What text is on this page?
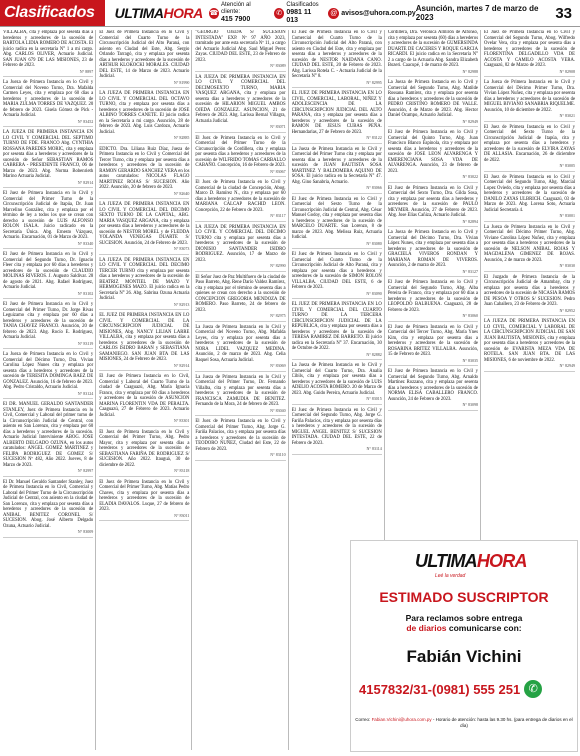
Clasificados	ULTIMAHORA ☎
Atención al cliente:
415 7900
✆
Clasificados
0981 11 013
@ avisos@uhora.com.py Asunción, martes 7 de marzo de 2023	33
VILLALBA, cita y emplaza por sesenta días a herederos y acreedores de la sucesión de BARTOLA LIDIA ROMERO DE ACOSTA. El juicio radica en la secretaría N° 1 a mi cargo. Abg. CARLOS OLIVER, Actuario Judicial. SAN JUAN 679 DE LAS MISIONES, 23 de Febrero de 2023.
N° 8897
La Jueza de Primera Instancia en lo Civil y Comercial del Noveno Turno, Dra. Mafalda Carmen Leyes, cita y emplaza por 60 días a herederos y acreedores de la sucesión de MARIA ZULMA TORRES DE VAZQUEZ. 20 de febrero de 2023. Gisela Gómez de Pick - Actuaria Judicial.
N° 83452
LA JUEZA DE PRIMERA INSTANCIA EN LO CIVIL Y COMERCIAL DEL SEPTIMO TURNO DE FDE. FRANCO Abg. CYNTHIA ROSSANA PAREDES MORIC, cita y emplaza por sesenta días a herederos y acreedores de la sucesión de Señor SEBASTIAN RAMOS CABRERA - PRESIDENTE FRANCO, 06 de Marzo de 2023. Abg. Norma Bobenrieth Marino Actuaria Judicial.
N° 82914
El Juez de Primera Instancia en lo Civil y Comercial del Primer Turno de la Circunscripción Judicial de Itapúa, Dr. Juan Marcelino González, cita y emplaza por el término de ley a todos los que se crean con derecho a sucesión de LUIS ALFONSO ROLON ISALA. Juicio radicado en la Secretaría Única. Abg. Ernesto Vázquez, Actuario. Encarnación, 01 de Marzo de 2023.
N° 83340
El Juez de Primera Instancia en lo Civil y Comercial del Segundo Turno, Dr. Ignacio Fleer cita y emplaza por 60 días a herederos y acreedores de la sucesión de CLAUDIO MOLINAS RIVEROS. J. Augusto Saldivar. 28 de agosto de 2021. Abg. Rafael Rodríguez, Actuario Judicial.
N° 83102
El Juez de Primera Instancia en lo Civil y Comercial del Primer Turno, Dr. Jorge Rivas Leguizamo cita y emplaza por 60 días a herederos y acreedores de la sucesión de TANIA CHAVEZ FRANCO. Asunción, 20 de febrero de 2023. Abg. Rocío E. Rodríguez, Actuaria Judicial.
N° 83119
La Jueza de Primera Instancia en lo Civil y Comercial del Décimo Turno, Dra. Vivian Carolina López Nunes cita y emplaza por sesenta días a herederos y acreedores de la sucesión de TERESITA DOMINGA BAEZ DE GONZALEZ. Asunción, 16 de febrero de 2023. Abg. Pedro Cristaldo, Actuario Judicial.
N° 83124
El DR. MANUEL GERALDO SANTANDER STANLEY, Juez de Primera Instancia en lo Civil, Comercial y Laboral del primer turno de la Circunscripción Judicial de Central, con asiento en San Lorenzo, cita y emplaza por 60 días a herederos y acreedores de la sucesión. Actuario Judicial Interviniente ABOG. JOSE ALBERTO DELGADO OZUNA, en los autos caratulados: ANGEL GOMEZ MARTINEZ y FELIPA RODRIGUEZ DE GOMEZ S/ SUCESION Nº 482, Año 2022. Jueves, 8 de Marzo de 2023.
N° 82997
El Dr. Manuel Geraldo Santander Stanley, Juez de Primera Instancia en lo Civil, Comercial y Laboral del Primer Turno de la Circunscripción Judicial de Central, con asiento en la ciudad de San Lorenzo, cita y emplaza por sesenta días a herederos y acreedores de la sucesión de ANIBAL BENITEZ CORONEL S/ SUCESION. Abog. José Alberto Delgado Ozuna, Actuario Judicial.
N° 83009
El Juez de Primera Instancia en lo Civil y Comercial del Cuarto Turno de la Circunscripción Judicial del Alto Paraná, con asiento en Ciudad del Este, Abg. Sergio Orlando Tarragó, cita y emplaza por sesenta días a herederos y acreedores de la sucesión de ARTHUR KLOKOCKI MORALES. CIUDAD DEL ESTE, 14 de Marzo de 2023. Actuario Judicial.
N° 81990
LA JUEZA DE PRIMERA INSTANCIA EN LO CIVIL Y COMERCIAL DEL OCTAVO TURNO, cita y emplaza por sesenta días a herederos y acreedores de la sucesión de JOSE ALBINO TORRES CANETE. El juicio radica en la Secretaría a mi cargo. Asunción, 28 de febrero de 2023. Abg. Luis Cardozo, Actuario Judicial.
N° 82885
EDICTO. Dra. Liliana Ruiz Díaz, Jueza de Primera Instancia en lo Civil y Comercial del Tercer Turno, cita y emplaza por sesenta días a herederos y acreedores de la sucesión de RAMON GERARDO SANCHEZ VERA en los autos caratulados: NICOLAS FLAGO MARTINEZ ROJAS S/ SUCESION. Año 2022. Asunción, 20 de febrero de 2023.
N° 82640
LA JUEZA DE PRIMERA INSTANCIA EN LO CIVIL Y COMERCIAL DEL DECIMO SEXTO TURNO DE LA CAPITAL, ABG. MARIA VASQUEZ ARGANA, cita y emplaza por sesenta días a herederos y acreedores de la sucesión de NESTOR MOREL y de FLEDDA YOLANDA VENEGAS DUARTE S/ SUCESION. Asunción, 24 de Febrero de 2023.
N° 83073
LA JUEZA DE PRIMERA INSTANCIA EN LO CIVIL Y COMERCIAL DEL DECIMO TERCER TURNO cita y emplaza por sesenta días a herederos y acreedores de la sucesión de BEATRIZ MONTIEL DE MAZO Y HERMOGENES MAZO. El juicio radica en la Secretaría N° 26. Abg. Sabrina Ozuna Actuaria Judicial.
N° 82913
EL JUEZ DE PRIMERA INSTANCIA EN LO CIVIL Y COMERCIAL DE LA CIRCUNSCRIPCION JUDICIAL DE MISIONES, Abg. NANCY LILIAN LARRE VILLALBA, cita y emplaza por sesenta días a herederos y acreedores de la sucesión de CARLOS ISIDRO BARAN y SEBASTIANA SAMANIEGO. SAN JUAN BTA DE LAS MISIONES, 24 de Febrero de 2023.
N° 82914
El Juez de Primera Instancia en lo Civil, Comercial y Laboral del Cuarto Turno de la ciudad de Caaguazú, Abg. María Ignacia Franco, cita y emplaza por 60 días a herederos y acreedores de la sucesión de ASUNCION MARINA FLORENTIN VDA DE PERALTA. Caaguazú, 27 de Febrero de 2023. Actuario Judicial.
N° 83301
El Juez de Primera Instancia en lo Civil y Comercial del Primer Turno, Abg. Pedro Mayor, cita y emplaza por sesenta días a herederos y acreedores de la sucesión de SEBASTIANA FARIÑA DE RODRIGUEZ S/ SUCESION. Año 2022. Itauguá, 30 de diciembre de 2022.
N° 83118
El Juez de Primera Instancia en lo Civil y Comercial del Primer Turno, Abg. Matías Pedro Chaves, cita y emplaza por sesenta días a herederos y acreedores de la sucesión de ELADIA DAVALOS. Luque, 27 de febrero de 2023.
N° 83011
"GEORGIO OJEDA S/ SUCESION INTESTADA" EXP. Nº 97 AÑO 2023, tramitado por ante esta secretaría Nº 11, a cargo del Actuario Judicial Abg. Saul Miguel Perez Zayas. CIUDAD DEL ESTE, 23 de Febrero de 2023.
N° 83089
LA JUEZA DE PRIMERA INSTANCIA EN LO CIVIL Y COMERCIAL DEL DECIMOSEXTO TURNO, MARIA VASQUEZ ARGANA, cita y emplaza por sesenta días a herederos y acreedores de la sucesión de HILARION MIGUEL AMBOS OJEDA GONZALEZ. ASUNCION, 21 de Febrero de 2023. Abg. Larissa Bernal Villagra, Actuaria Judicial.
N° 83071
El Juez de Primera Instancia en lo Civil y Comercial del Primer Turno de la Circunscripción de Cordillera, cita y emplaza por sesenta días a herederos y acreedores de la sucesión de WILFRIDO TOMAS CARBALLO CABAÑO. Concepción, 16 de Febrero de 2023.
N° 83067
El Juez de Primera Instancia en lo Civil y Comercial de la ciudad de Concepción, Abog. Marco D. Ramírez N., cita y emplaza por 60 días a herederos y acreedores de la sucesión de MARIANA CALCAP RACHID LEON. Concepción, 22 de Febrero de 2023.
N° 83117
LA JUEZA DE PRIMERA INSTANCIA EN LO CIVIL Y COMERCIAL DEL DECIMO TURNO cita y emplaza por sesenta días a herederos y acreedores de la sucesión de DIONISIO SANTANDER ISIDRO RODRIGUEZ. Asunción, 17 de Marzo de 2023.
N° 82990
El Señor Juez de Paz Multifuero de la ciudad de Paso Barreto, Abg. Rene Darío Valdez Ramírez, cita y emplaza por el término de sesenta días a quienes se crean con derecho a la sucesión de CONCEPCION GREGORIA MENDOZA DE ROMERO. Paso Barreto, 24 de febrero de 2023.
N° 82975
La Jueza de Primera Instancia en lo Civil y Comercial del Noveno Turno, Abg. Mafalda Leyes, cita y emplaza por sesenta días a herederos y acreedores de la sucesión de NORA LIDEL VAZQUEZ MEDINA. Asunción, 2 de marzo de 2023. Abg. Celia Raquel Sosa, Actuaria Judicial.
N° 83069
La Jueza de Primera Instancia en lo Civil y Comercial del Primer Turno, Dr. Fernando Villalba, cita y emplaza por sesenta días a herederos y acreedores de la sucesión de FRANCISCA ZAMUDIA DE BENITEZ. Fernando de la Mora, 24 de febrero de 2023.
N° 83040
El Juez de Primera Instancia en lo Civil y Comercial del Primer Turno, Abg. Jorge G. Fariña Palacios, cita y emplaza por sesenta días a herederos y acreedores de la sucesión de TEODORO NUÑEZ, Ciudad del Este, 22 de Febrero de 2023.
N° 83110
El Juez de Primera Instancia en lo Civil y Comercial del Cuarto Turno de la Circunscripción Judicial del Alto Paraná, con asiento en Ciudad del Este, cita y emplaza por sesenta días a herederos y acreedores de la sucesión de NESTOR NAIDANA CANO. CIUDAD DEL ESTE, 20 de Febrero de 2023. Abg. Larissa Rotela C. - Actuaria Judicial de la Secretaría N° 8.
N° 82995
EL JUEZ DE PRIMERA INSTANCIA EN LO CIVIL, COMERCIAL, LABORAL, NIÑEZ Y ADOLESCENCIA DE LA CIRCUNSCRIPCION JUDICIAL DEL ALTO PARANA, cita y emplaza por sesenta días a herederos y acreedores de la sucesión de RAMON DE JESUS CUBAS PEÑA. Hernandarias, 27 de Febrero de 2023.
N° 83122
La Jueza de Primera Instancia en lo Civil y Comercial del Primer Turno cita y emplaza por sesenta días a herederos y acreedores de la sucesión de JUAN BAUTISTA SOSA MARTINEZ Y BALDOMERA AQUINO DE SOSA. El juicio radica en la Secretaría N° 47. Abg. Gino Sanabria, Actuario.
N° 83066
El Juez de Primera Instancia en lo Civil y Comercial del Sexto Turno de la Circunscripción Judicial de Central, Abg. César Manuel Godoy, cita y emplaza por sesenta días a herederos y acreedores de la sucesión de MARCELO DUARTE. San Lorenzo, 8 de marzo de 2023. Abg. Melissa Ruiz, Actuaria Judicial.
N° 83080
El Juez de Primera Instancia en lo Civil y Comercial del Cuarto Turno de la Circunscripción Judicial de Alto Paraná, cita y emplaza por sesenta días a herederos y acreedores de la sucesión de SIMON ROLON VILLALBA. CIUDAD DEL ESTE, 6 de Febrero de 2023.
N° 83090
EL JUEZ DE PRIMERA INSTANCIA EN LO CIVIL Y COMERCIAL DEL CUARTO TURNO DE LA TERCERA CIRCUNSCRIPCION JUDICIAL DE LA REPUBLICA, cita y emplaza por sesenta días a herederos y acreedores de la sucesión de TERESA RAMIREZ DE BARRETO. El juicio radica en la Secretaría N° 37. Encarnación, 30 de Octubre de 2022.
N° 82882
La Jueza de Primera Instancia en lo Civil y Comercial del Cuarto Turno, Dra. Analía Cibils, cita y emplaza por sesenta días a herederos y acreedores de la sucesión de LUIS ADELIO ACOSTA ROMERO. 20 de Marzo de 2023. Abg. Guido Pereira, Actuario Judicial.
N° 83015
El Juez de Primera Instancia en lo Civil y Comercial del Segundo Turno, Abg. Jorge G. Fariña Palacios, cita y emplaza por sesenta días a herederos y acreedores de la sucesión de MIGUEL ANGEL BENITEZ S/ SUCESION INTESTADA. CIUDAD DEL ESTE, 22 de Febrero de 2023.
N° 83114
Cordillera, Dra. Verónica Almirón de Alfonso, cita y emplaza por sesenta (60) días a herederos y acreedores de la sucesión de GUMERSINDA DUARTE DE CACERES Y ROQUE GARCIA RICARDI. El juicio radica en la Secretaría N° 2 a cargo de la Actuaria Abg. Sandra Elizabeth Bozeri. Caacupé, 1 de marzo de 2023.
N° 82988
La Jueza de Primera Instancia en lo Civil y Comercial del Segundo Turno, Abg. Matilde Rossana Ramírez, cita y emplaza por sesenta días a herederos y acreedores de la sucesión de PEDRO CRISTINO ROMERO DE VALLE. Asunción, 4 de Marzo de 2023. Abg. Hector Daniel Ocampo, Actuario Judicial.
N° 82949
El Juez de Primera Instancia en lo Civil y Comercial del Quinto Turno, Abg. Juan Francisco Blanco Espinola, cita y emplaza por sesenta días a herederos y acreedores de la sucesión de JOSE LEON ALVARENGA Y EMERENCIANA SOSA VDA DE ALVARENGA. Asunción, 23 de febrero de 2023.
N° 83022
El Juez de Primera Instancia en lo Civil y Comercial del Sexto Turno, Dra. Gilda Sosa, cita y emplaza por sesenta días a herederos y acreedores de la sucesión de PAULO MEYMER. Asunción, 27 de Febrero de 2023. Abg. Jose Elias Cañiza, Actuario Judicial.
N° 82894
La Jueza de Primera Instancia en lo Civil y Comercial del Décimo Turno, Dra. Vivian López Nunes, cita y emplaza por sesenta días a herederos y acreedores de la sucesión de GRACIELA VIVEROS RONDAN Y MARIANA ROMAN DE VIVEROS. Asunción, 2 de marzo de 2023.
N° 83127
El Juez de Primera Instancia en lo Civil y Comercial del Segundo Turno, Abg. Alba Pereira de Franco, cita y emplaza por 60 días a herederos y acreedores de la sucesión de LEOPOLDO BALBUENA. Caaguazú, 28 de Febrero de 2023.
N° 83060
El Juez de Primera Instancia en lo Civil y Comercial del Tercer Turno, Abg. María Ynes Kim, cita y emplaza por sesenta días a herederos y acreedores de la sucesión de ROSARINA BRITEZ VILLALBA. Asunción, 15 de Febrero de 2023.
N° 83035
El Juez de Primera Instancia en lo Civil y Comercial del Segundo Turno, Abg. Arnaldo Martínez Rozzano, cita y emplaza por sesenta días a herederos y acreedores de la sucesión de NORMA ELISA CABALLERO FRANCO. Asunción, 24 de Febrero de 2023.
N° 83098
El Juez de Primera Instancia en lo Civil y Comercial del Segundo Turno, Abog. Wilfredo Ovelar Vera, cita y emplaza por sesenta días a herederos y acreedores de la sucesión de FLORENTINA DELGADILLO VDA DE ACOSTA Y CAMILO ACOSTA VERA. Caaguazú, 02 de Marzo de 2023.
N° 82908
La Jueza de Primera Instancia en lo Civil y Comercial del Décimo Primer Turno, Dra. Vivian López Nuñez, cita y emplaza por sesenta días a herederos y acreedores de la sucesión de MIGUEL BIVIANO SANABRIA RIQUELME. Asunción, 10 de diciembre de 2022.
N° 83021
El Juez de Primera Instancia en lo Civil y Comercial del Sexto Turno de la Circunscripción Judicial de Itapúa, cita y emplaza por sesenta días a herederos y acreedores de la sucesión de ELVIRA ZAYAS DE ALLASIA. Encarnación, 26 de diciembre de 2022.
N° 83005
El Juez de Primera Instancia en lo Civil y Comercial del Segundo Turno, Abg. Marcial Lopez Oviedo, cita y emplaza por sesenta días a herederos y acreedores de la sucesión de DANILO ZAYAS ULBRICH. Caaguazú, 03 de Marzo de 2023. Abg. Lorena Soto, Actuaria Judicial Secretaría 4.
N° 83001
La Jueza de Primera Instancia en lo Civil y Comercial del Décimo Primer Turno, Abg. Viviane Carolina López Nuñez, cita y emplaza por sesenta días a herederos y acreedores de la sucesión de NELSON ANIBAL ROJAS Y MAGDALENA GIMENEZ DE ROJAS. Asunción, 2 de marzo de 2023.
N° 83030
El Juzgado de Primera Instancia de la Circunscripción Judicial de Amambay, cita y emplaza por sesenta días a herederos y acreedores de la sucesión de NICASIA RAMOS DE PESOA Y OTROS S/ SUCESION. Pedro Juan Caballero, 23 de Febrero de 2023.
N° 82952
LA JUEZA DE PRIMERA INSTANCIA EN LO CIVIL, COMERCIAL Y LABORAL DE LA CIRCUNSCRIPCION JUDICIAL DE SAN JUAN BAUTISTA, MISIONES, cita y emplaza por sesenta días a herederos y acreedores de la sucesión de EVARISTA MEZA VDA DE ROTELA. SAN JUAN BTA. DE LAS MISIONES, 6 de noviembre de 2022.
N° 82949
ULTIMAHORA
Leé la verdad
ESTIMADO SUSCRIPTOR
Para reclamos sobre entrega
de diarios comunicarse con:
Fabián Vichini
4157832/31-(0981) 555 251 ✆
Correo: Fabian.Vichini@uhora.com.py - Horario de atención: hasta las 9.30 hs. (para entrega de diarios en el día)
